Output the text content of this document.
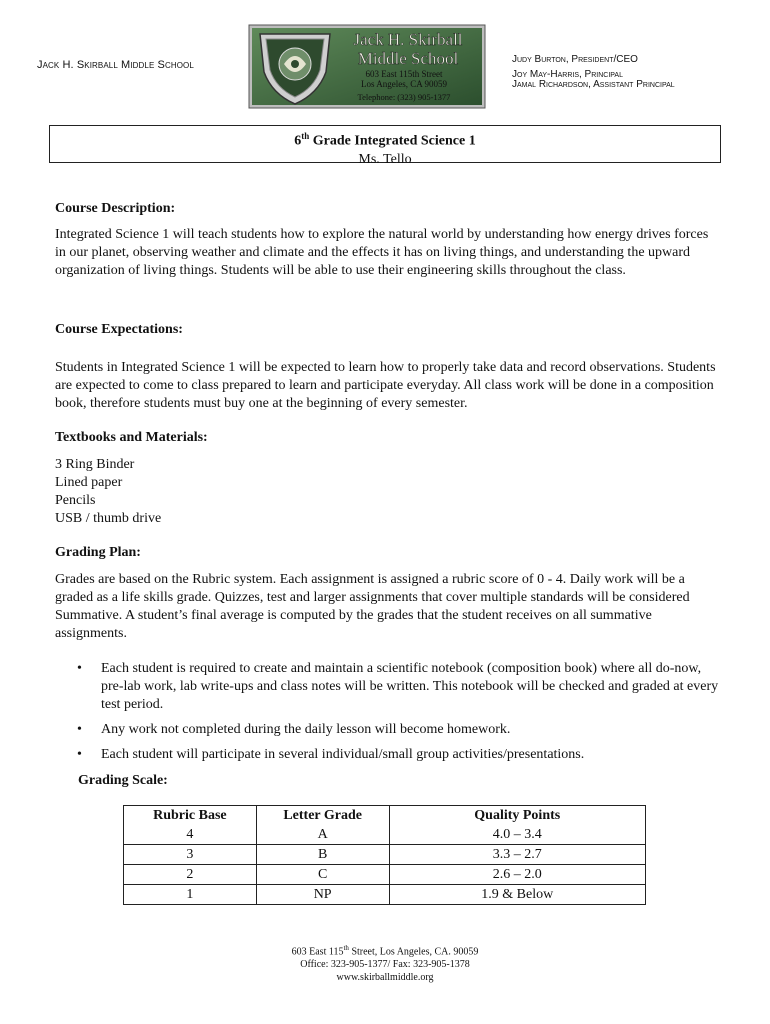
Jack H. Skirball Middle School
Jack H. Skirball
Middle School
603 East 115th Street
Los Angeles, CA 90059
Telephone: (323) 905-1377
Judy Burton, President/CEO
Joy May-Harris, Principal
Jamal Richardson, Assistant Principal
6th Grade Integrated Science 1
Ms. Tello
Course Description:
Integrated Science 1 will teach students how to explore the natural world by understanding how energy drives forces in our planet, observing weather and climate and the effects it has on living things, and understanding the upward organization of living things. Students will be able to use their engineering skills throughout the class.
Course Expectations:
Students in Integrated Science 1 will be expected to learn how to properly take data and record observations. Students are expected to come to class prepared to learn and participate everyday. All class work will be done in a composition book, therefore students must buy one at the beginning of every semester.
Textbooks and Materials:
3 Ring Binder
Lined paper
Pencils
USB / thumb drive
Grading Plan:
Grades are based on the Rubric system. Each assignment is assigned a rubric score of 0 - 4. Daily work will be a graded as a life skills grade. Quizzes, test and larger assignments that cover multiple standards will be considered Summative. A student’s final average is computed by the grades that the student receives on all summative assignments.
• Each student is required to create and maintain a scientific notebook (composition book) where all do-now, pre-lab work, lab write-ups and class notes will be written. This notebook will be checked and graded at every test period.
• Any work not completed during the daily lesson will become homework.
• Each student will participate in several individual/small group activities/presentations.
Grading Scale:
Rubric Base	Letter Grade	Quality Points
4	A	4.0 – 3.4
3	B	3.3 – 2.7
2	C	2.6 – 2.0
1	NP	1.9 & Below
603 East 115th Street, Los Angeles, CA. 90059
Office: 323-905-1377/ Fax: 323-905-1378
www.skirballmiddle.org
